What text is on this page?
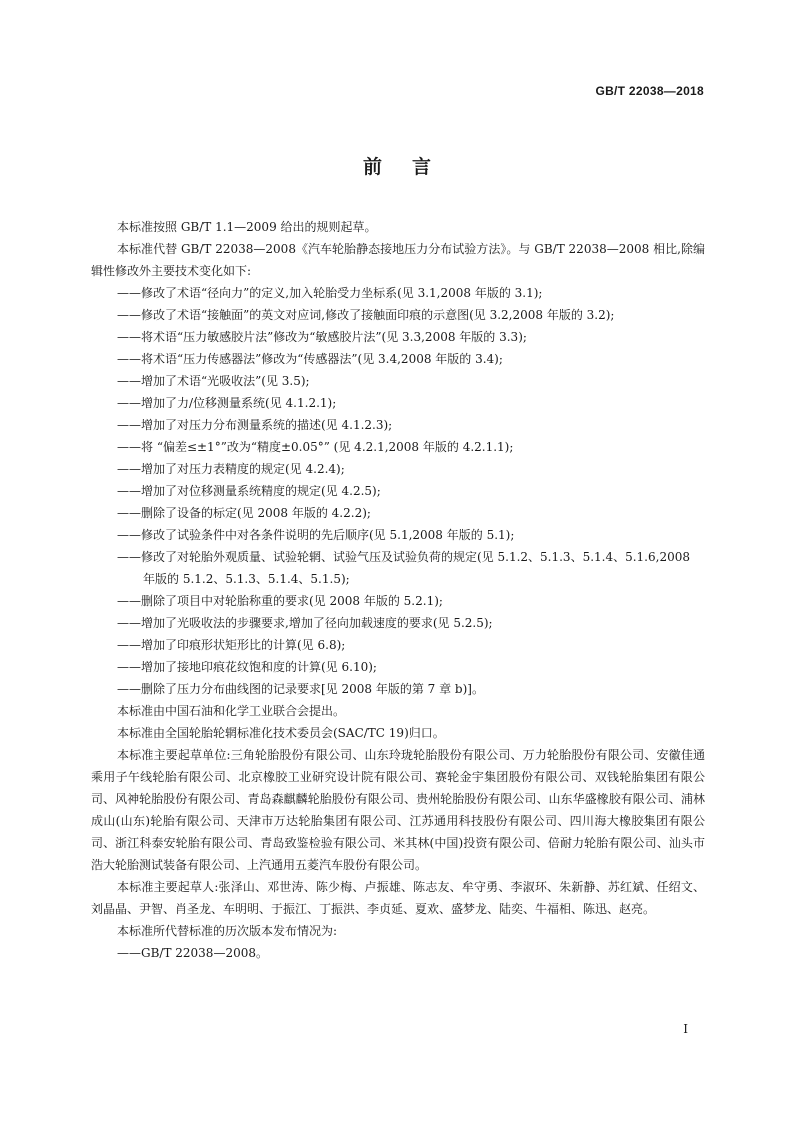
GB/T 22038—2018
前言

本标准按照 GB/T 1.1—2009 给出的规则起草。

本标准代替 GB/T 22038—2008《汽车轮胎静态接地压力分布试验方法》。与 GB/T 22038—2008 相比,除编辑性修改外主要技术变化如下:

——修改了术语“径向力”的定义,加入轮胎受力坐标系(见 3.1,2008 年版的 3.1);

——修改了术语“接触面”的英文对应词,修改了接触面印痕的示意图(见 3.2,2008 年版的 3.2);

——将术语“压力敏感胶片法”修改为“敏感胶片法”(见 3.3,2008 年版的 3.3);

——将术语“压力传感器法”修改为“传感器法”(见 3.4,2008 年版的 3.4);

——增加了术语“光吸收法”(见 3.5);

——增加了力/位移测量系统(见 4.1.2.1);

——增加了对压力分布测量系统的描述(见 4.1.2.3);

——将 “偏差≤±1°”改为“精度±0.05°” (见 4.2.1,2008 年版的 4.2.1.1);

——增加了对压力表精度的规定(见 4.2.4);

——增加了对位移测量系统精度的规定(见 4.2.5);

——删除了设备的标定(见 2008 年版的 4.2.2);

——修改了试验条件中对各条件说明的先后顺序(见 5.1,2008 年版的 5.1);

——修改了对轮胎外观质量、试验轮辋、试验气压及试验负荷的规定(见 5.1.2、5.1.3、5.1.4、5.1.6,2008 年版的 5.1.2、5.1.3、5.1.4、5.1.5);

——删除了项目中对轮胎称重的要求(见 2008 年版的 5.2.1);

——增加了光吸收法的步骤要求,增加了径向加载速度的要求(见 5.2.5);

——增加了印痕形状矩形比的计算(见 6.8);

——增加了接地印痕花纹饱和度的计算(见 6.10);

——删除了压力分布曲线图的记录要求[见 2008 年版的第 7 章 b)]。

本标准由中国石油和化学工业联合会提出。

本标准由全国轮胎轮辋标准化技术委员会(SAC/TC 19)归口。

本标准主要起草单位:三角轮胎股份有限公司、山东玲珑轮胎股份有限公司、万力轮胎股份有限公司、安徽佳通乘用子午线轮胎有限公司、北京橡胶工业研究设计院有限公司、赛轮金宇集团股份有限公司、双钱轮胎集团有限公司、风神轮胎股份有限公司、青岛森麒麟轮胎股份有限公司、贵州轮胎股份有限公司、山东华盛橡胶有限公司、浦林成山(山东)轮胎有限公司、天津市万达轮胎集团有限公司、江苏通用科技股份有限公司、四川海大橡胶集团有限公司、浙江科泰安轮胎有限公司、青岛致鉴检验有限公司、米其林(中国)投资有限公司、倍耐力轮胎有限公司、汕头市浩大轮胎测试装备有限公司、上汽通用五菱汽车股份有限公司。

本标准主要起草人:张泽山、邓世涛、陈少梅、卢振雄、陈志友、牟守勇、李淑环、朱新静、苏红斌、任绍文、刘晶晶、尹智、肖圣龙、车明明、于振江、丁振洪、李贞延、夏欢、盛梦龙、陆奕、牛福相、陈迅、赵亮。

本标准所代替标准的历次版本发布情况为:

——GB/T 22038—2008。

I
